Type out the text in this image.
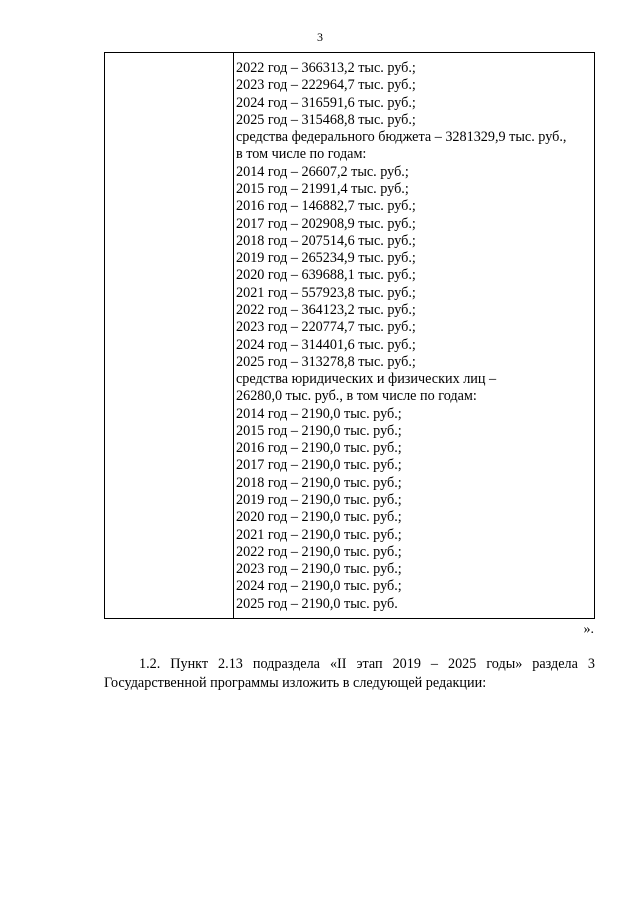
3
2022 год – 366313,2 тыс. руб.;
2023 год – 222964,7 тыс. руб.;
2024 год – 316591,6 тыс. руб.;
2025 год – 315468,8 тыс. руб.;
средства федерального бюджета – 3281329,9 тыс. руб.,
в том числе по годам:
2014 год – 26607,2 тыс. руб.;
2015 год – 21991,4 тыс. руб.;
2016 год – 146882,7 тыс. руб.;
2017 год – 202908,9 тыс. руб.;
2018 год – 207514,6 тыс. руб.;
2019 год – 265234,9 тыс. руб.;
2020 год – 639688,1 тыс. руб.;
2021 год – 557923,8 тыс. руб.;
2022 год – 364123,2 тыс. руб.;
2023 год – 220774,7 тыс. руб.;
2024 год – 314401,6 тыс. руб.;
2025 год – 313278,8 тыс. руб.;
средства юридических и физических лиц –
26280,0 тыс. руб., в том числе по годам:
2014 год – 2190,0 тыс. руб.;
2015 год – 2190,0 тыс. руб.;
2016 год – 2190,0 тыс. руб.;
2017 год – 2190,0 тыс. руб.;
2018 год – 2190,0 тыс. руб.;
2019 год – 2190,0 тыс. руб.;
2020 год – 2190,0 тыс. руб.;
2021 год – 2190,0 тыс. руб.;
2022 год – 2190,0 тыс. руб.;
2023 год – 2190,0 тыс. руб.;
2024 год – 2190,0 тыс. руб.;
2025 год – 2190,0 тыс. руб.
».

1.2. Пункт 2.13 подраздела «II этап 2019 – 2025 годы» раздела 3 Государственной программы изложить в следующей редакции:
